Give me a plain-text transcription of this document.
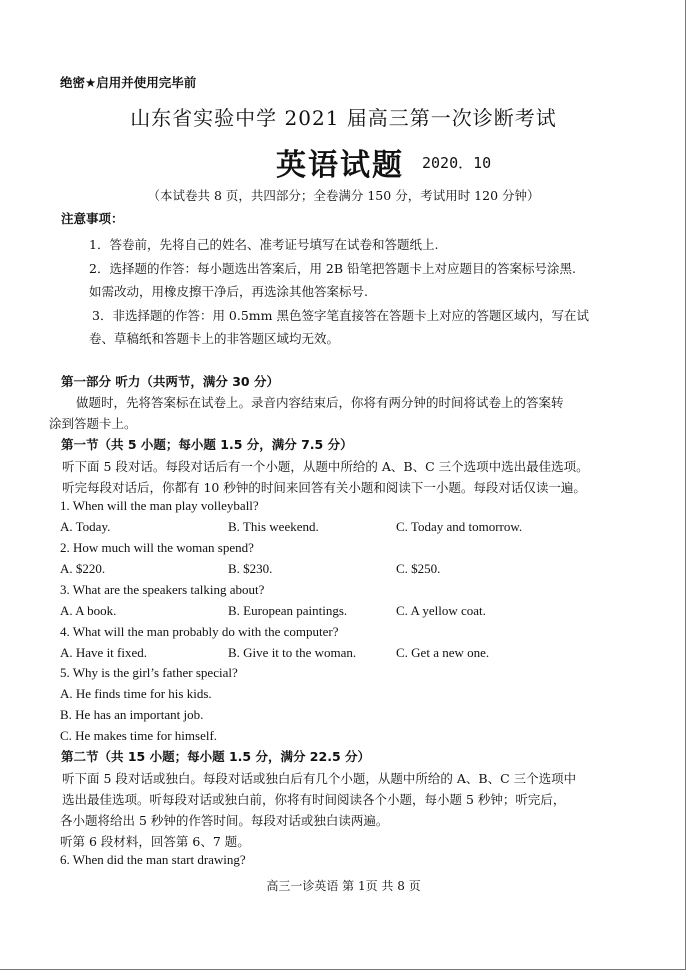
绝密★启用并使用完毕前
山东省实验中学 2021 届高三第一次诊断考试
英语试题 2020．10
（本试卷共 8 页，共四部分；全卷满分 150 分，考试用时 120 分钟）
注意事项：
1．答卷前，先将自己的姓名、准考证号填写在试卷和答题纸上.
2．选择题的作答：每小题选出答案后，用 2B 铅笔把答题卡上对应题目的答案标号涂黑.
如需改动，用橡皮擦干净后，再选涂其他答案标号.
3．非选择题的作答：用 0.5mm 黑色签字笔直接答在答题卡上对应的答题区域内，写在试
卷、草稿纸和答题卡上的非答题区域均无效。
第一部分 听力（共两节，满分 30 分）
做题时，先将答案标在试卷上。录音内容结束后，你将有两分钟的时间将试卷上的答案转
涂到答题卡上。
第一节（共 5 小题；每小题 1.5 分，满分 7.5 分）
听下面 5 段对话。每段对话后有一个小题，从题中所给的 A、B、C 三个选项中选出最佳选项。
听完每段对话后，你都有 10 秒钟的时间来回答有关小题和阅读下一小题。每段对话仅读一遍。
1. When will the man play volleyball?
A. Today.	B. This weekend.	C. Today and tomorrow.
2. How much will the woman spend?
A. $220.	B. $230.	C. $250.
3. What are the speakers talking about?
A. A book.	B. European paintings.	C. A yellow coat.
4. What will the man probably do with the computer?
A. Have it fixed.	B. Give it to the woman.	C. Get a new one.
5. Why is the girl’s father special?
A. He finds time for his kids.
B. He has an important job.
C. He makes time for himself.
第二节（共 15 小题；每小题 1.5 分，满分 22.5 分）
听下面 5 段对话或独白。每段对话或独白后有几个小题，从题中所给的 A、B、C 三个选项中
选出最佳选项。听每段对话或独白前，你将有时间阅读各个小题，每小题 5 秒钟；听完后，
各小题将给出 5 秒钟的作答时间。每段对话或独白读两遍。
听第 6 段材料，回答第 6、7 题。
6. When did the man start drawing?
高三一诊英语 第 1页 共 8 页
